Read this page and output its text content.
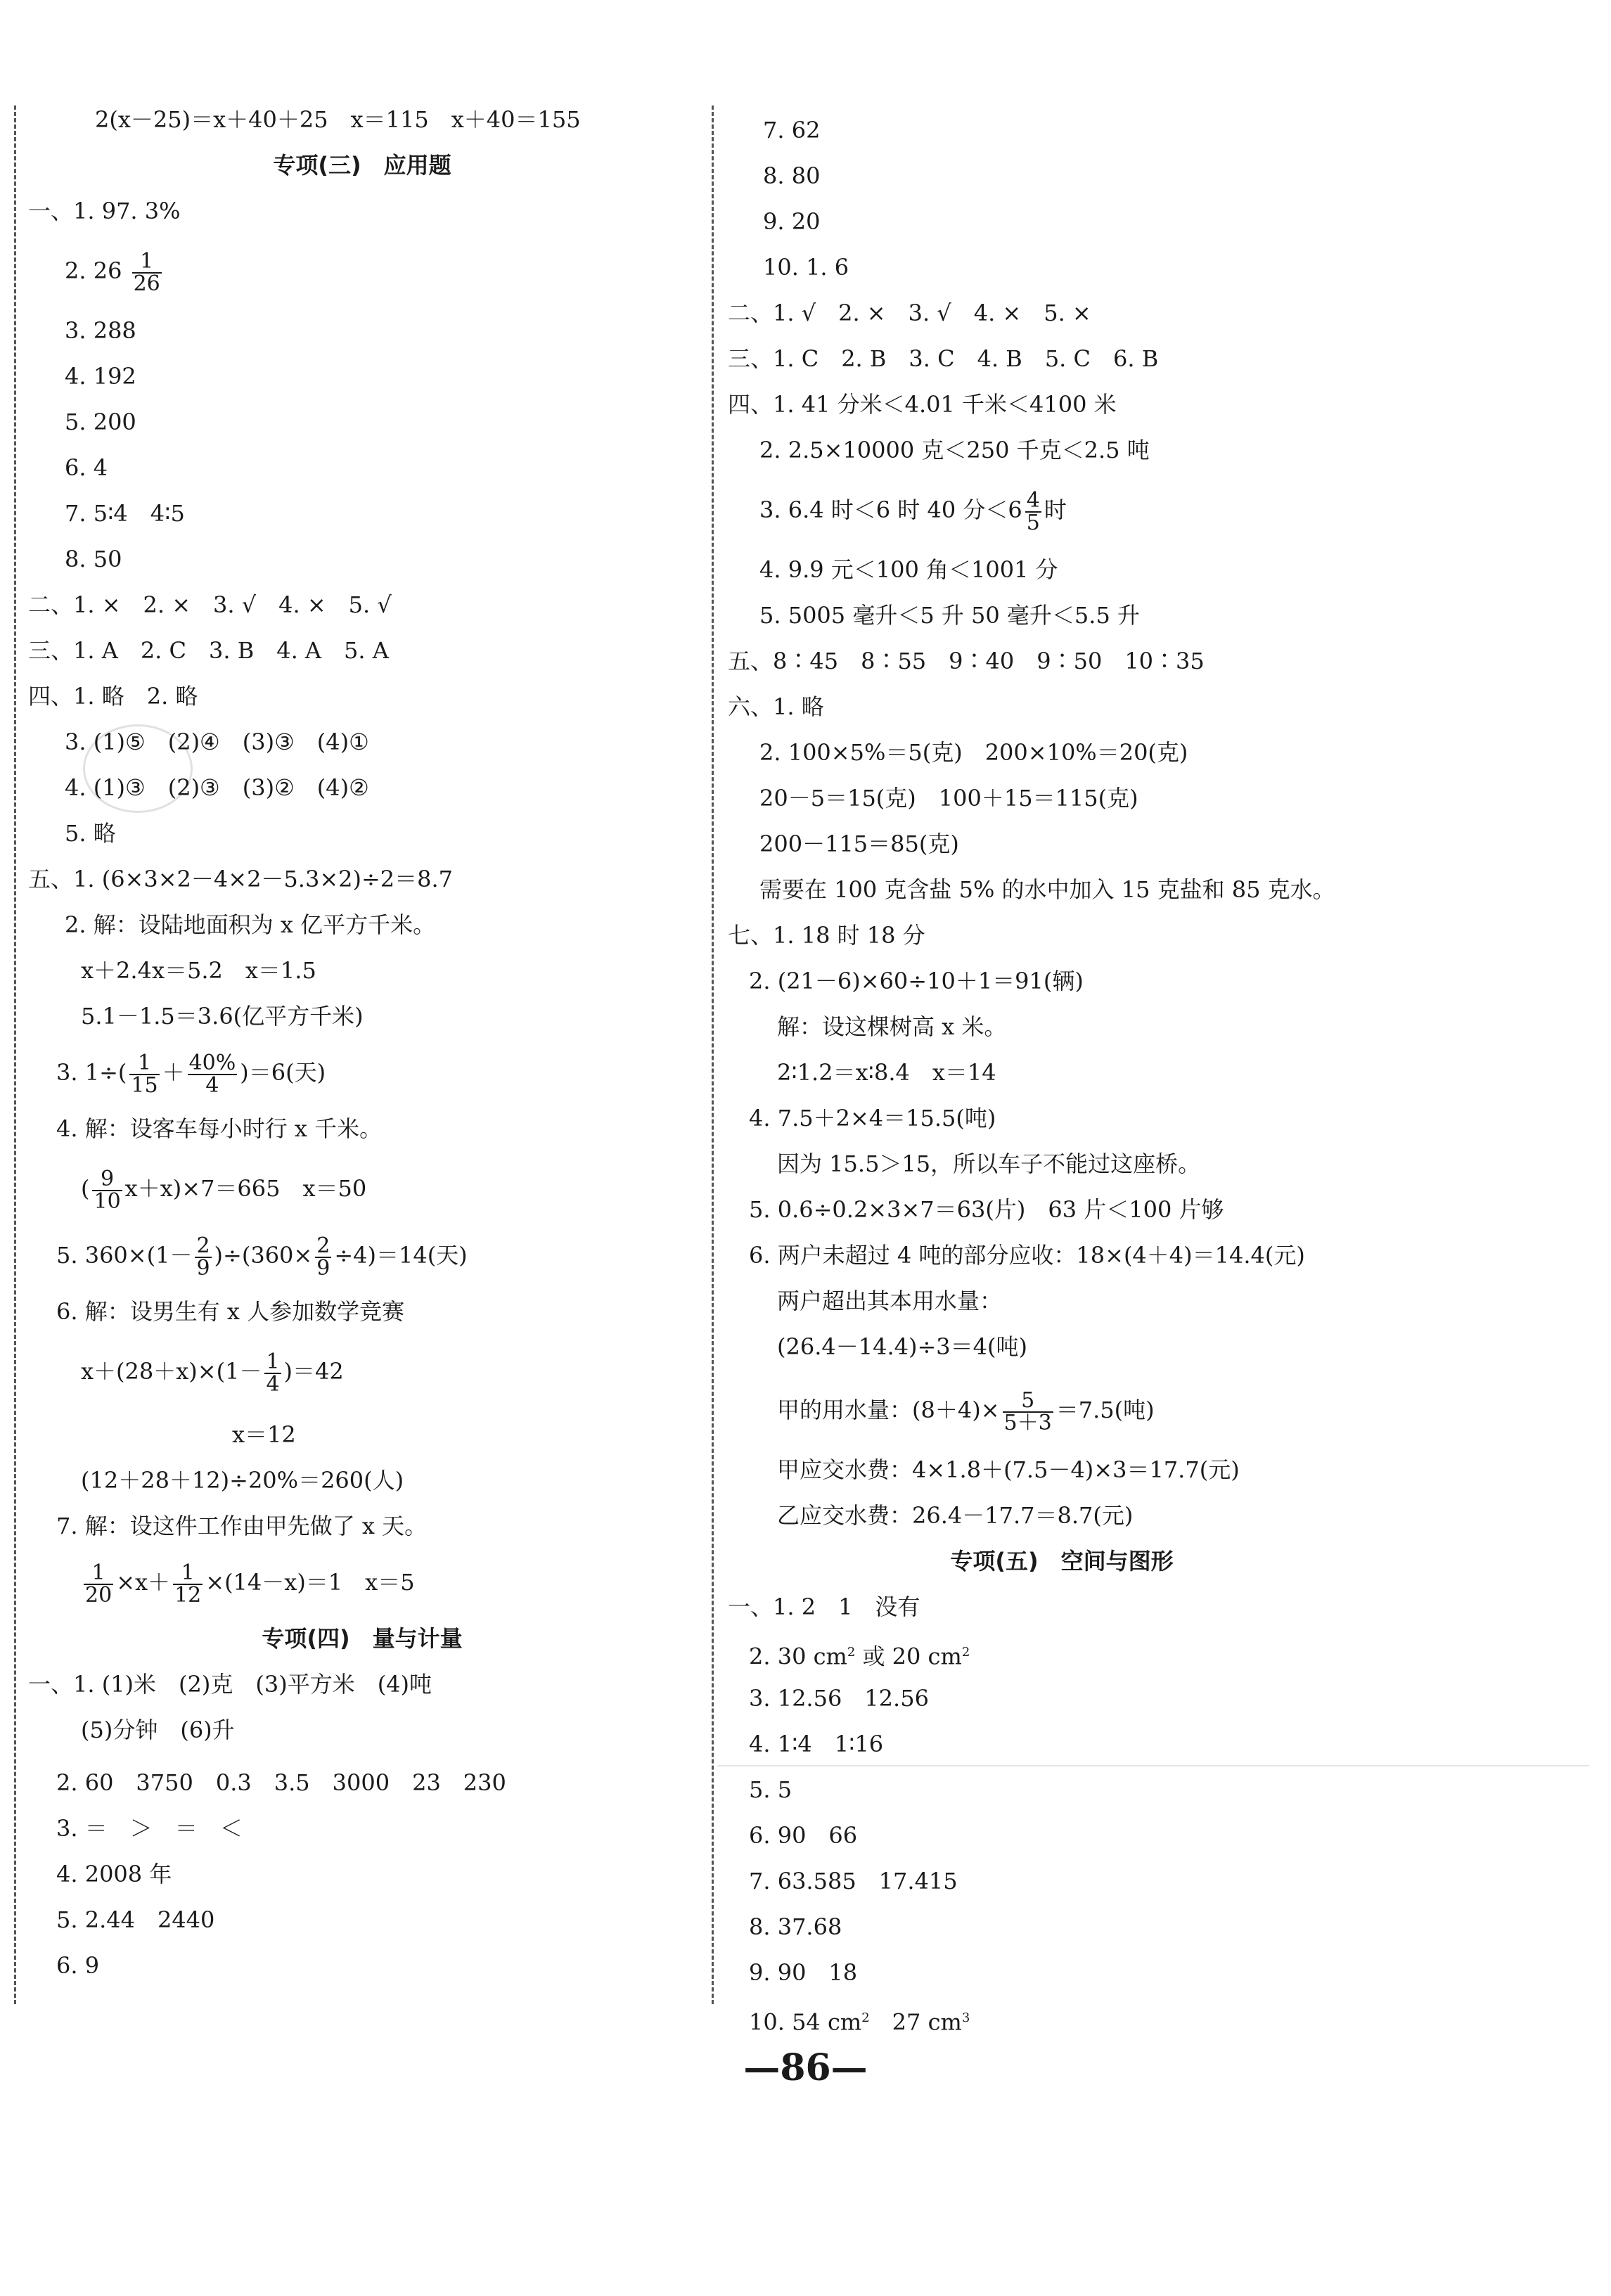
2(x－25)＝x＋40＋25　x＝115　x＋40＝155
专项(三)　应用题
一、1. 97. 3%
2. $26 \frac{1}{26}$
3. 288
4. 192
5. 200
6. 4
7. 5∶4　4∶5
8. 50
二、1. ×　2. ×　3. √　4. ×　5. √
三、1. A　2. C　3. B　4. A　5. A
四、1. 略　2. 略
3. (1)⑤　(2)④　(3)③　(4)①
4. (1)③　(2)③　(3)②　(4)②
5. 略
五、1. (6×3×2－4×2－5.3×2)÷2＝8.7
2. 解：设陆地面积为 x 亿平方千米。
x＋2.4x＝5.2　x＝1.5
5.1－1.5＝3.6(亿平方千米)
3. $1\div( \frac{1}{15} + \frac{40\%}{4} )=6$(天)
4. 解：设客车每小时行 x 千米。
( $\frac{9}{10} x+x)\times 7=665$　x＝50
5. $360\times(1- \frac{2}{9} )\div(360\times \frac{2}{9} \div 4)=14$(天)
6. 解：设男生有 x 人参加数学竞赛
$x+(28+x)\times(1- \frac{1}{4} )=42$
x＝12
(12＋28＋12)÷20%＝260(人)
7. 解：设这件工作由甲先做了 x 天。
$\frac{1}{20} \times x+ \frac{1}{12} \times(14-x)=1$　x＝5
专项(四)　量与计量
一、1. (1)米　(2)克　(3)平方米　(4)吨
(5)分钟　(6)升
2. 60　3750　0.3　3.5　3000　23　230
3. ＝　＞　＝　＜
4. 2008 年
5. 2.44　2440
6. 9
7. 62
8. 80
9. 20
10. 1. 6
二、1. √　2. ×　3. √　4. ×　5. ×
三、1. C　2. B　3. C　4. B　5. C　6. B
四、1. 41 分米＜4.01 千米＜4100 米
2. 2.5×10000 克＜250 千克＜2.5 吨
3. 6.4 时＜6 时 40 分$<6 \frac{4}{5}$ 时
4. 9.9 元＜100 角＜1001 分
5. 5005 毫升＜5 升 50 毫升＜5.5 升
五、8∶45　8∶55　9∶40　9∶50　10∶35
六、1. 略
2. 100×5%＝5(克)　200×10%＝20(克)
20－5＝15(克)　100＋15＝115(克)
200－115＝85(克)
需要在 100 克含盐 5% 的水中加入 15 克盐和 85 克水。
七、1. 18 时 18 分
2. (21－6)×60÷10＋1＝91(辆)
解：设这棵树高 x 米。
2∶1.2＝x∶8.4　x＝14
4. 7.5＋2×4＝15.5(吨)
因为 15.5＞15，所以车子不能过这座桥。
5. 0.6÷0.2×3×7＝63(片)　63 片＜100 片够
6. 两户未超过 4 吨的部分应收：18×(4＋4)＝14.4(元)
两户超出其本用水量：
(26.4－14.4)÷3＝4(吨)
甲的用水量：$(8+4)\times \frac{5}{5+3} =7.5$(吨)
甲应交水费：4×1.8＋(7.5－4)×3＝17.7(元)
乙应交水费：26.4－17.7＝8.7(元)
专项(五)　空间与图形
一、1. 2　1　没有
2. 30 $cm^2$ 或 20 $cm^2$
3. 12.56　12.56
4. 1∶4　1∶16
5. 5
6. 90　66
7. 63.585　17.415
8. 37.68
9. 90　18
10. 54 $cm^2$　27 $cm^3$
—86—
